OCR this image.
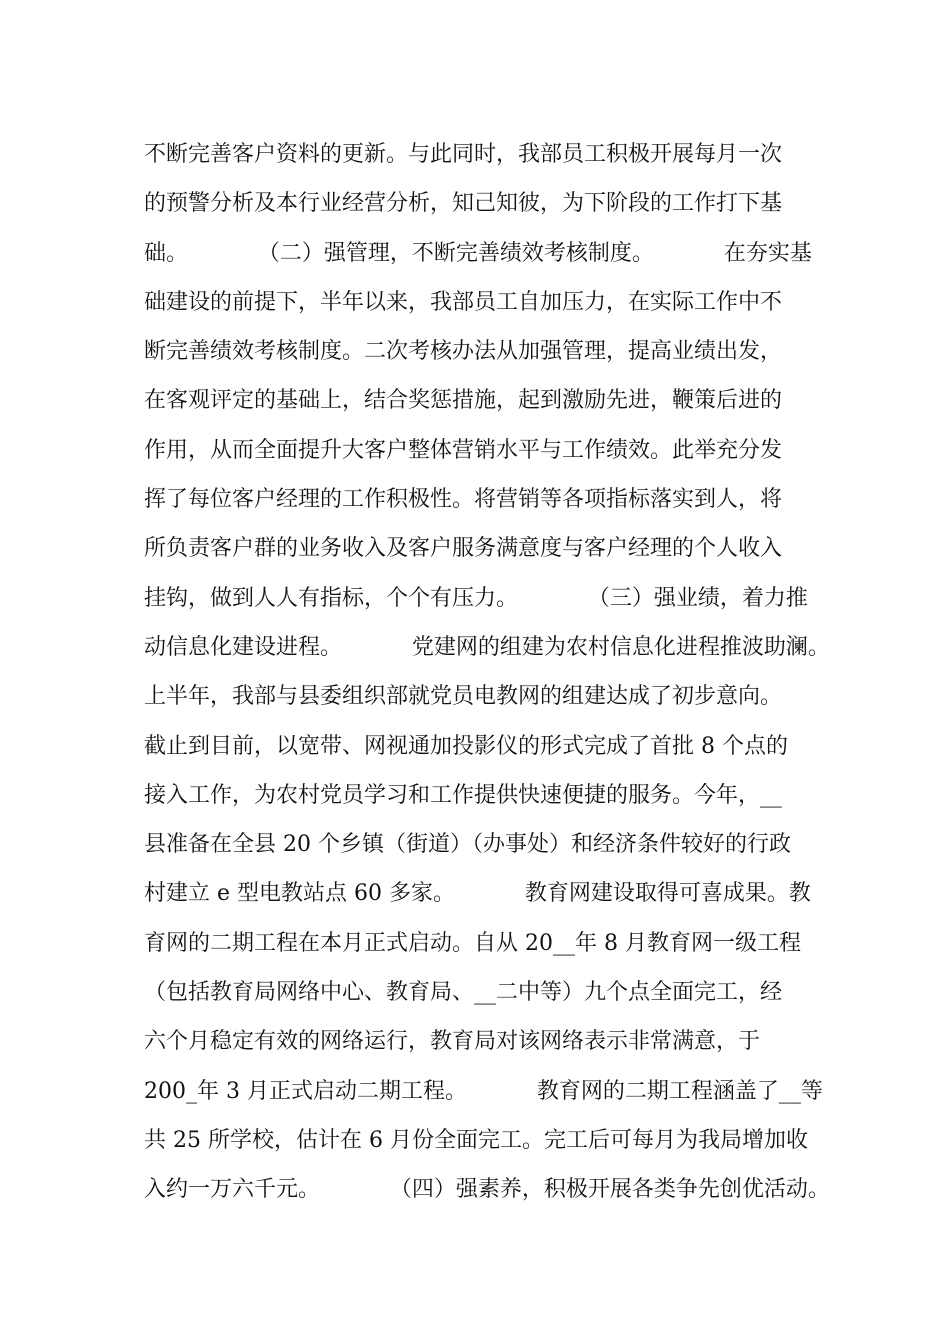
不断完善客户资料的更新。与此同时，我部员工积极开展每月一次
的预警分析及本行业经营分析，知己知彼，为下阶段的工作打下基
础。          （二）强管理，不断完善绩效考核制度。          在夯实基
础建设的前提下，半年以来，我部员工自加压力，在实际工作中不
断完善绩效考核制度。二次考核办法从加强管理，提高业绩出发，
在客观评定的基础上，结合奖惩措施，起到激励先进，鞭策后进的
作用，从而全面提升大客户整体营销水平与工作绩效。此举充分发
挥了每位客户经理的工作积极性。将营销等各项指标落实到人，将
所负责客户群的业务收入及客户服务满意度与客户经理的个人收入
挂钩，做到人人有指标，个个有压力。          （三）强业绩，着力推
动信息化建设进程。          党建网的组建为农村信息化进程推波助澜。
上半年，我部与县委组织部就党员电教网的组建达成了初步意向。
截止到目前，以宽带、网视通加投影仪的形式完成了首批 8 个点的
接入工作，为农村党员学习和工作提供快速便捷的服务。今年，__
县准备在全县 20 个乡镇（街道）（办事处）和经济条件较好的行政
村建立 e 型电教站点 60 多家。          教育网建设取得可喜成果。教
育网的二期工程在本月正式启动。自从 20__年 8 月教育网一级工程
（包括教育局网络中心、教育局、__二中等）九个点全面完工，经
六个月稳定有效的网络运行，教育局对该网络表示非常满意，于
200_年 3 月正式启动二期工程。          教育网的二期工程涵盖了__等
共 25 所学校，估计在 6 月份全面完工。完工后可每月为我局增加收
入约一万六千元。          （四）强素养，积极开展各类争先创优活动。
